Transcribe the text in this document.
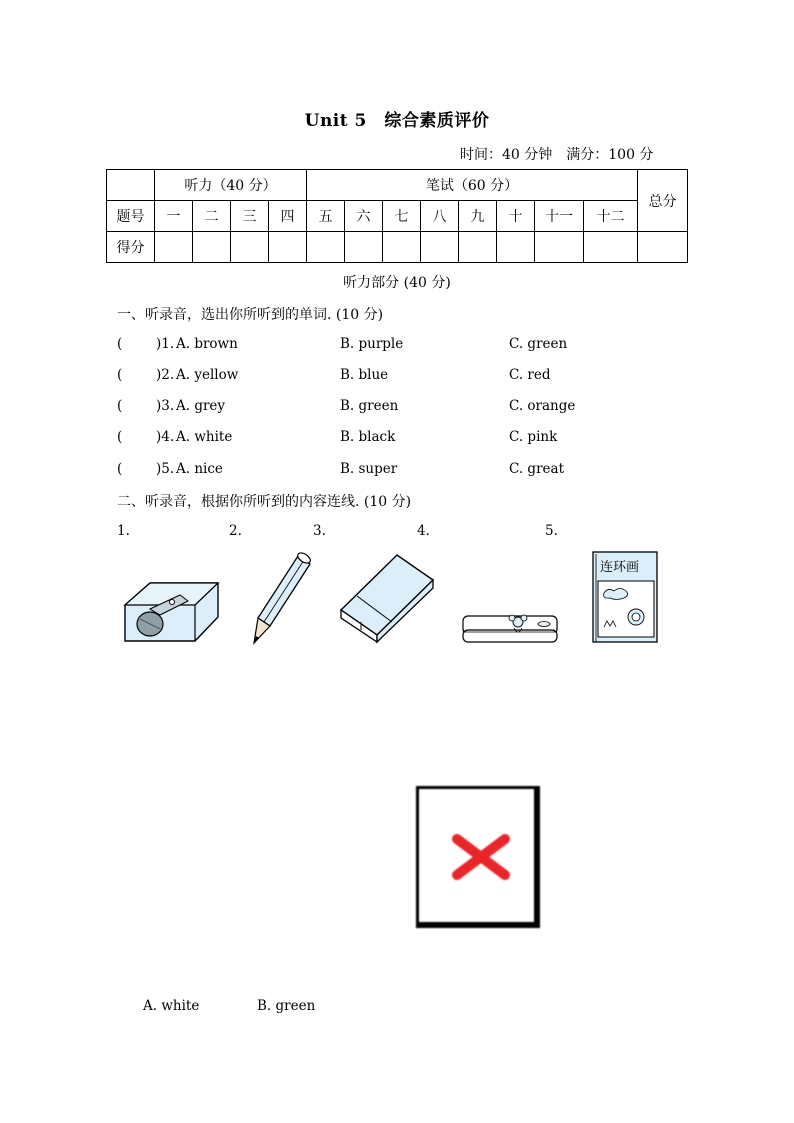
Unit 5　综合素质评价
时间：40 分钟　满分：100 分
	听力（40 分）				笔试（60 分）								总分
题号	一	二	三	四	五	六	七	八	九	十	十一	十二	
得分													
听力部分 (40 分)
一、听录音，选出你所听到的单词. (10 分)
( )1. A. brown	B. purple	C. green
( )2. A. yellow	B. blue	C. red
( )3. A. grey	B. green	C. orange
( )4. A. white	B. black	C. pink
( )5. A. nice	B. super	C. great
二、听录音，根据你所听到的内容连线. (10 分)
1.	2.	3.	4.	5.
连环画
A. white	B. green
